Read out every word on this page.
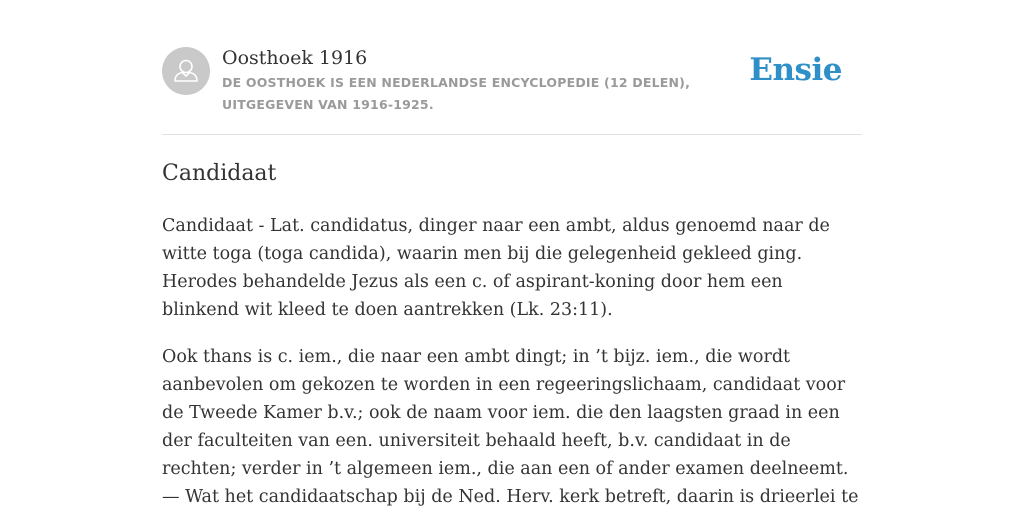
Oosthoek 1916
DE OOSTHOEK IS EEN NEDERLANDSE ENCYCLOPEDIE (12 DELEN), UITGEGEVEN VAN 1916-1925.
Ensie
Candidaat

Candidaat - Lat. candidatus, dinger naar een ambt, aldus genoemd naar de witte toga (toga candida), waarin men bij die gelegenheid gekleed ging. Herodes behandelde Jezus als een c. of aspirant-koning door hem een blinkend wit kleed te doen aantrekken (Lk. 23:11).

Ook thans is c. iem., die naar een ambt dingt; in ’t bijz. iem., die wordt aanbevolen om gekozen te worden in een regeeringslichaam, candidaat voor de Tweede Kamer b.v.; ook de naam voor iem. die den laagsten graad in een der faculteiten van een. universiteit behaald heeft, b.v. candidaat in de rechten; verder in ’t algemeen iem., die aan een of ander examen deelneemt. — Wat het candidaatschap bij de Ned. Herv. kerk betreft, daarin is drieerlei te
